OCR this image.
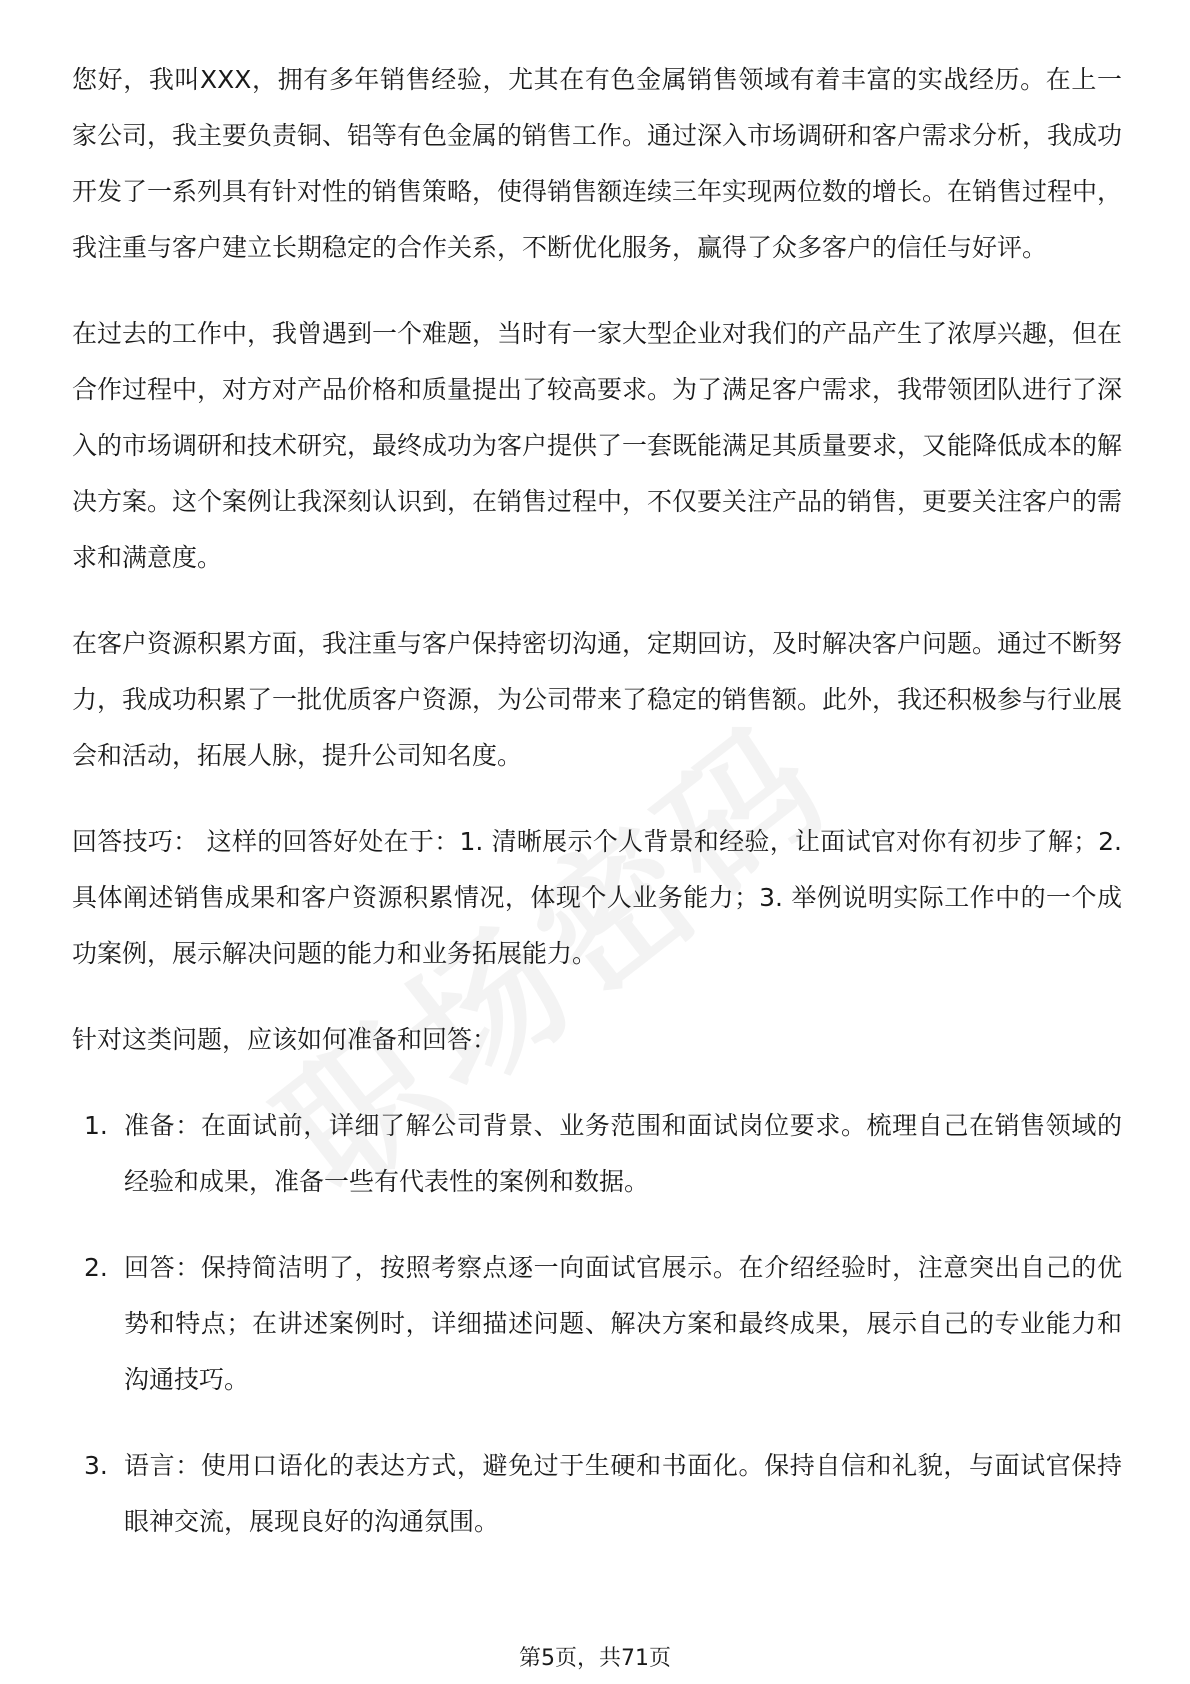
您好，我叫XXX，拥有多年销售经验，尤其在有色金属销售领域有着丰富的实战经历。在上一家公司，我主要负责铜、铝等有色金属的销售工作。通过深入市场调研和客户需求分析，我成功开发了一系列具有针对性的销售策略，使得销售额连续三年实现两位数的增长。在销售过程中，我注重与客户建立长期稳定的合作关系，不断优化服务，赢得了众多客户的信任与好评。

在过去的工作中，我曾遇到一个难题，当时有一家大型企业对我们的产品产生了浓厚兴趣，但在合作过程中，对方对产品价格和质量提出了较高要求。为了满足客户需求，我带领团队进行了深入的市场调研和技术研究，最终成功为客户提供了一套既能满足其质量要求，又能降低成本的解决方案。这个案例让我深刻认识到，在销售过程中，不仅要关注产品的销售，更要关注客户的需求和满意度。

在客户资源积累方面，我注重与客户保持密切沟通，定期回访，及时解决客户问题。通过不断努力，我成功积累了一批优质客户资源，为公司带来了稳定的销售额。此外，我还积极参与行业展会和活动，拓展人脉，提升公司知名度。

回答技巧： 这样的回答好处在于：1. 清晰展示个人背景和经验，让面试官对你有初步了解；2. 具体阐述销售成果和客户资源积累情况，体现个人业务能力；3. 举例说明实际工作中的一个成功案例，展示解决问题的能力和业务拓展能力。

针对这类问题，应该如何准备和回答：

1. 准备：在面试前，详细了解公司背景、业务范围和面试岗位要求。梳理自己在销售领域的经验和成果，准备一些有代表性的案例和数据。
2. 回答：保持简洁明了，按照考察点逐一向面试官展示。在介绍经验时，注意突出自己的优势和特点；在讲述案例时，详细描述问题、解决方案和最终成果，展示自己的专业能力和沟通技巧。
3. 语言：使用口语化的表达方式，避免过于生硬和书面化。保持自信和礼貌，与面试官保持眼神交流，展现良好的沟通氛围。
第5页，共71页
